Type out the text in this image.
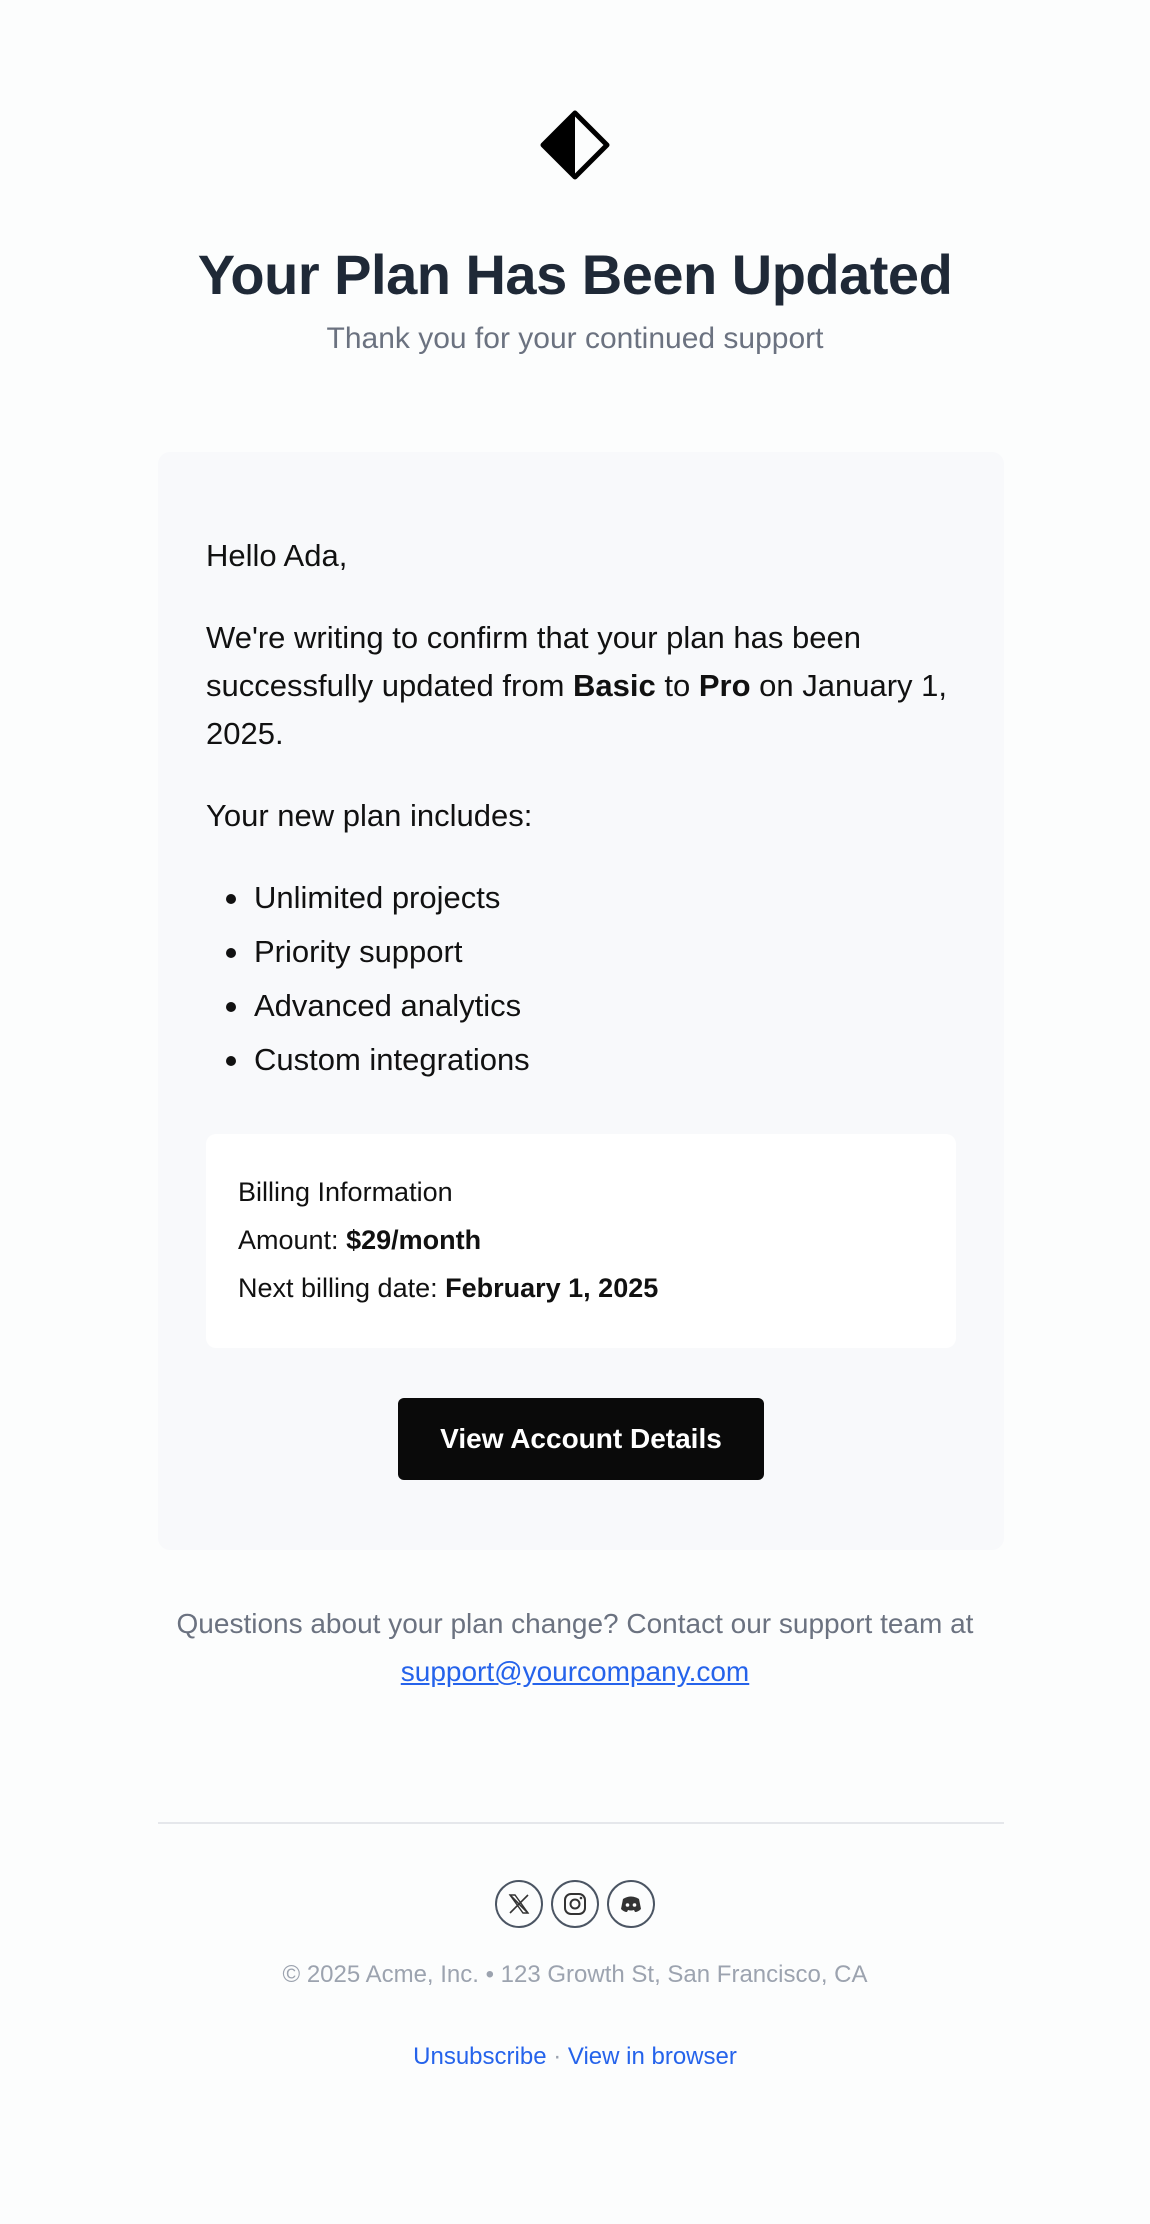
Your Plan Has Been Updated
Thank you for your continued support

Hello Ada,

We're writing to confirm that your plan has been successfully updated from Basic to Pro on January 1, 2025.

Your new plan includes:

Unlimited projects
Priority support
Advanced analytics
Custom integrations
Billing Information
Amount: $29/month
Next billing date: February 1, 2025
View Account Details
Questions about your plan change? Contact our support team at
support@yourcompany.com

© 2025 Acme, Inc. • 123 Growth St, San Francisco, CA
Unsubscribe · View in browser
